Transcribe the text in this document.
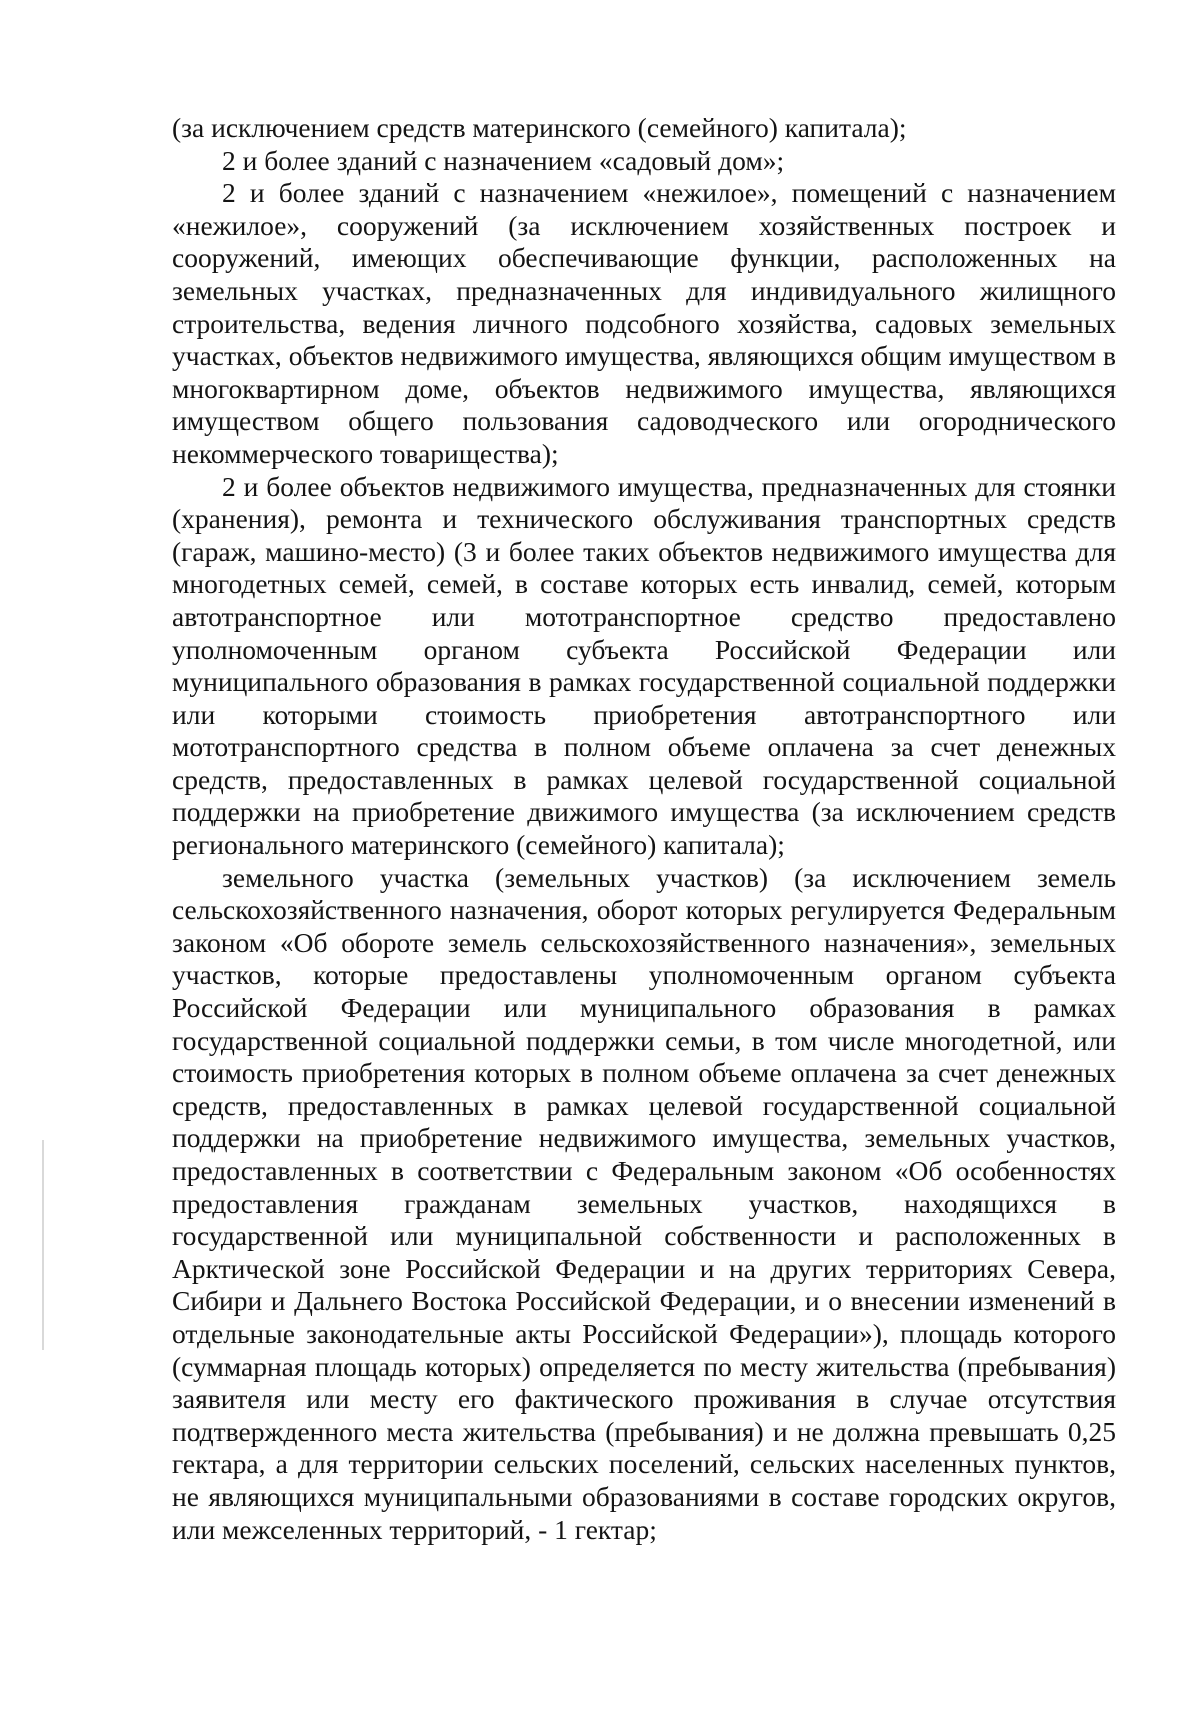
(за исключением средств материнского (семейного) капитала);

2 и более зданий с назначением «садовый дом»;

2 и более зданий с назначением «нежилое», помещений с назначением «нежилое», сооружений (за исключением хозяйственных построек и сооружений, имеющих обеспечивающие функции, расположенных на земельных участках, предназначенных для индивидуального жилищного строительства, ведения личного подсобного хозяйства, садовых земельных участках, объектов недвижимого имущества, являющихся общим имуществом в многоквартирном доме, объектов недвижимого имущества, являющихся имуществом общего пользования садоводческого или огороднического некоммерческого товарищества);

2 и более объектов недвижимого имущества, предназначенных для стоянки (хранения), ремонта и технического обслуживания транспортных средств (гараж, машино-место) (3 и более таких объектов недвижимого имущества для многодетных семей, семей, в составе которых есть инвалид, семей, которым автотранспортное или мототранспортное средство предоставлено уполномоченным органом субъекта Российской Федерации или муниципального образования в рамках государственной социальной поддержки или которыми стоимость приобретения автотранспортного или мототранспортного средства в полном объеме оплачена за счет денежных средств, предоставленных в рамках целевой государственной социальной поддержки на приобретение движимого имущества (за исключением средств регионального материнского (семейного) капитала);

земельного участка (земельных участков) (за исключением земель сельскохозяйственного назначения, оборот которых регулируется Федеральным законом «Об обороте земель сельскохозяйственного назначения», земельных участков, которые предоставлены уполномоченным органом субъекта Российской Федерации или муниципального образования в рамках государственной социальной поддержки семьи, в том числе многодетной, или стоимость приобретения которых в полном объеме оплачена за счет денежных средств, предоставленных в рамках целевой государственной социальной поддержки на приобретение недвижимого имущества, земельных участков, предоставленных в соответствии с Федеральным законом «Об особенностях предоставления гражданам земельных участков, находящихся в государственной или муниципальной собственности и расположенных в Арктической зоне Российской Федерации и на других территориях Севера, Сибири и Дальнего Востока Российской Федерации, и о внесении изменений в отдельные законодательные акты Российской Федерации»), площадь которого (суммарная площадь которых) определяется по месту жительства (пребывания) заявителя или месту его фактического проживания в случае отсутствия подтвержденного места жительства (пребывания) и не должна превышать 0,25 гектара, а для территории сельских поселений, сельских населенных пунктов, не являющихся муниципальными образованиями в составе городских округов, или межселенных территорий, - 1 гектар;
